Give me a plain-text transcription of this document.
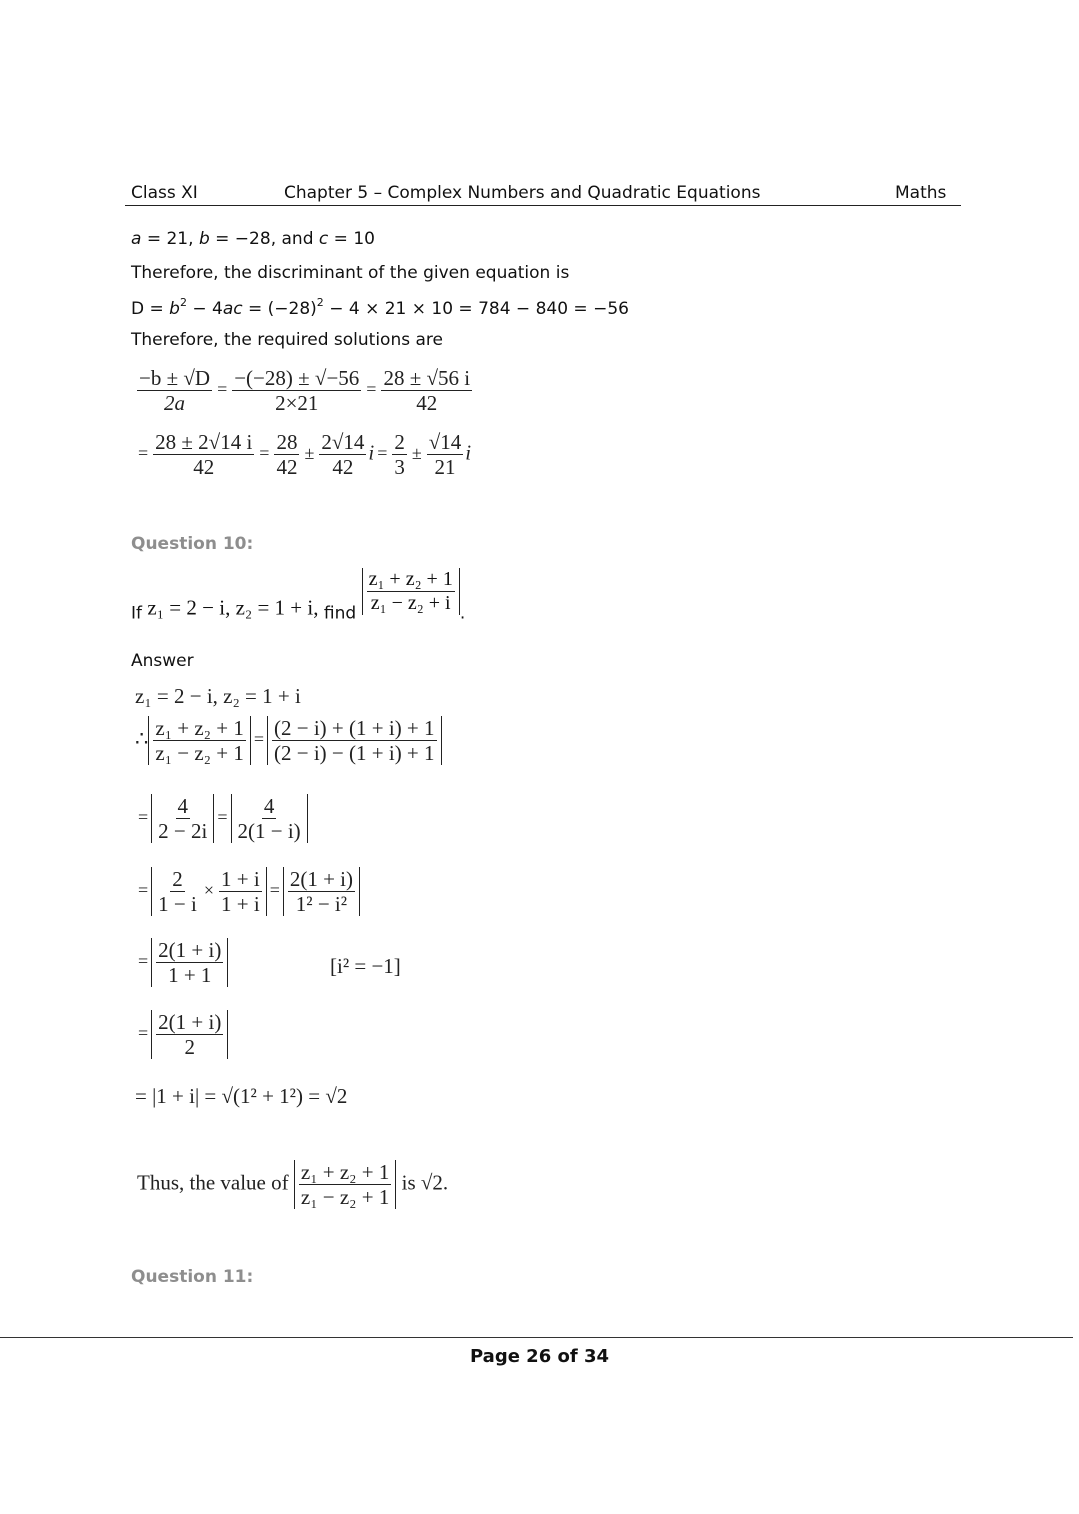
Class XI	Chapter 5 – Complex Numbers and Quadratic Equations	Maths
a = 21, b = −28, and c = 10
Therefore, the discriminant of the given equation is
$D = b^2 - 4ac = (-28)^2 - 4 \times 21 \times 10 = 784 - 840 = -56$
Therefore, the required solutions are
$\frac{-b \pm √D}{2a} = \frac{-(-28) \pm √-56}{2\times 21} = \frac{28 \pm √56 i}{42}$
= $\frac{28 \pm 2√14 i}{42} = \frac{28}{42} \pm \frac{2√14}{42}$ $i = \frac{2}{3} \pm \frac{√14}{21}$ i
Question 10:
If z₁ = 2 − i, z₂ = 1 + i, find $\frac{\text{z₁ + z₂ + 1}}{\text{z₁ − z₂ + i}}$ .
Answer
z₁ = 2 − i, z₂ = 1 + i
∴ $\frac{\text{z₁ + z₂ + 1}}{\text{z₁ − z₂ + 1}} = \frac{(2 - i) + (1 + i) + 1}{(2 - i) - (1 + i) + 1}$
= $\frac{4}{2 - 2i} = \frac{4}{2(1 - i)}$
= $\frac{2}{1 - i} \times \frac{1 + i}{1 + i} = \frac{2(1 + i)}{\text{1² − i²}}$
= $\frac{2(1 + i)}{1 + 1}$	[i² = −1]
= $\frac{2(1 + i)}{2}$
= |1 + i| = √(1² + 1²) = √2
Thus, the value of $\frac{\text{z₁ + z₂ + 1}}{\text{z₁ − z₂ + 1}}$ is √2.
Question 11:
Page 26 of 34
